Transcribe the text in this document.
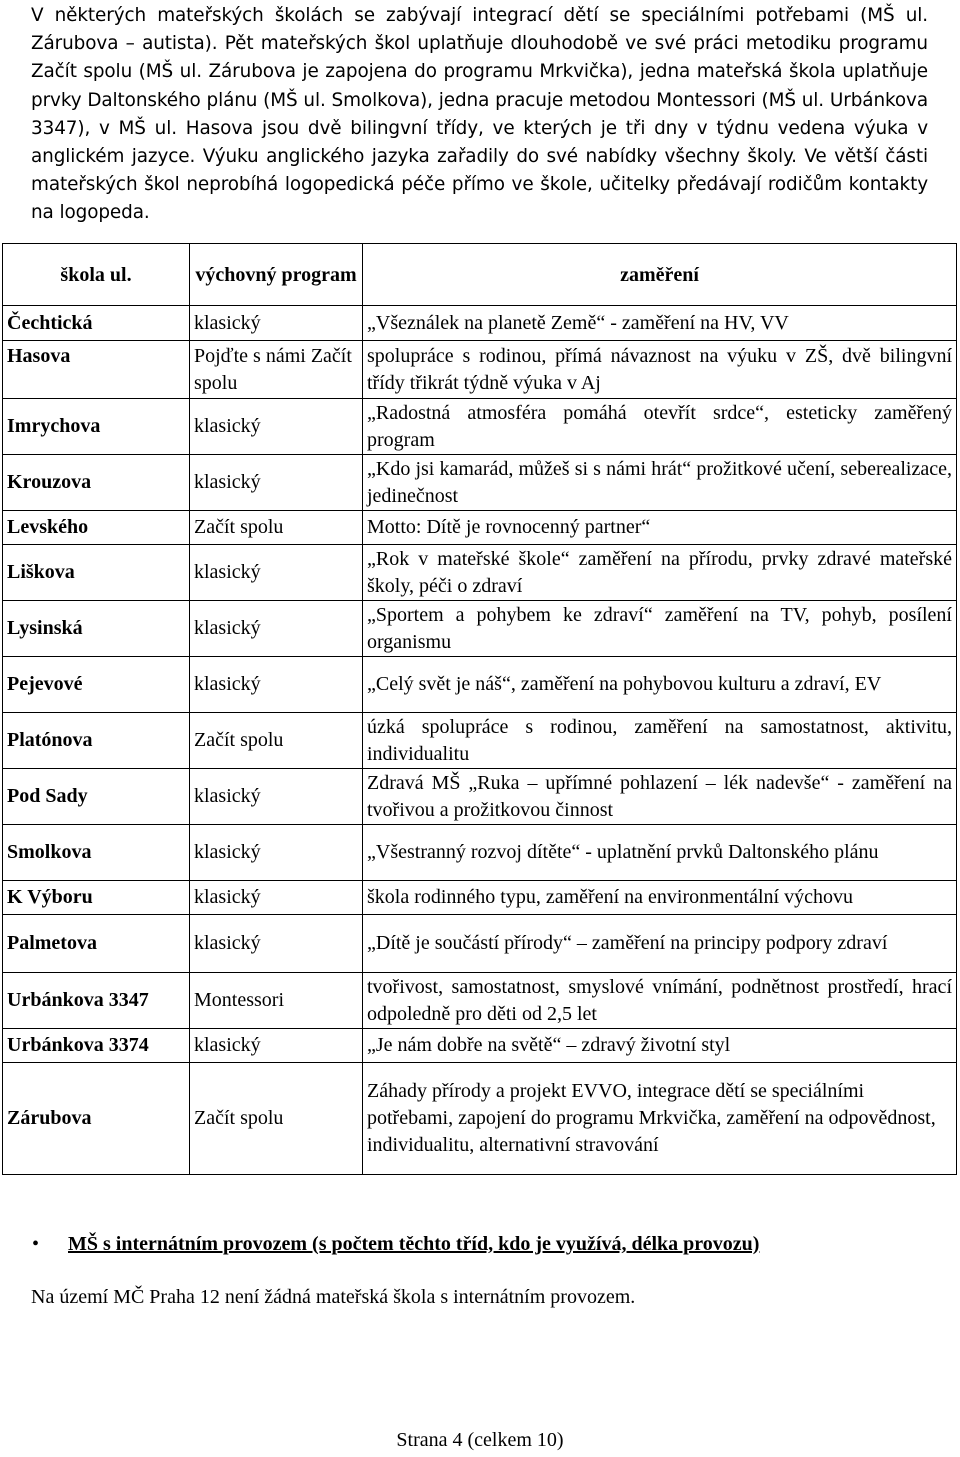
V některých mateřských školách se zabývají integrací dětí se speciálními potřebami (MŠ ul. Zárubova – autista). Pět mateřských škol uplatňuje dlouhodobě ve své práci metodiku programu Začít spolu (MŠ ul. Zárubova je zapojena do programu Mrkvička), jedna mateřská škola uplatňuje prvky Daltonského plánu (MŠ ul. Smolkova), jedna pracuje metodou Montessori (MŠ ul. Urbánkova 3347), v MŠ ul. Hasova jsou dvě bilingvní třídy, ve kterých je tři dny v týdnu vedena výuka v anglickém jazyce. Výuku anglického jazyka zařadily do své nabídky všechny školy. Ve větší části mateřských škol neprobíhá logopedická péče přímo ve škole, učitelky předávají rodičům kontakty na logopeda.

škola ul.	výchovný program	zaměření
Čechtická	klasický	„Všeználek na planetě Země“ - zaměření na HV, VV
Hasova	Pojďte s námi Začít spolu	spolupráce s rodinou, přímá návaznost na výuku v ZŠ, dvě bilingvní třídy třikrát týdně výuka v Aj
Imrychova	klasický	„Radostná atmosféra pomáhá otevřít srdce“, esteticky zaměřený program
Krouzova	klasický	„Kdo jsi kamarád, můžeš si s námi hrát“ prožitkové učení, seberealizace, jedinečnost
Levského	Začít spolu	Motto: Dítě je rovnocenný partner“
Liškova	klasický	„Rok v mateřské škole“ zaměření na přírodu, prvky zdravé mateřské školy, péči o zdraví
Lysinská	klasický	„Sportem a pohybem ke zdraví“ zaměření na TV, pohyb, posílení organismu
Pejevové	klasický	„Celý svět je náš“, zaměření na pohybovou kulturu a zdraví, EV
Platónova	Začít spolu	úzká spolupráce s rodinou, zaměření na samostatnost, aktivitu, individualitu
Pod Sady	klasický	Zdravá MŠ „Ruka – upřímné pohlazení – lék nadevše“ - zaměření na tvořivou a prožitkovou činnost
Smolkova	klasický	„Všestranný rozvoj dítěte“ - uplatnění prvků Daltonského plánu
K Výboru	klasický	škola rodinného typu, zaměření na environmentální výchovu
Palmetova	klasický	„Dítě je součástí přírody“ – zaměření na principy podpory zdraví
Urbánkova 3347	Montessori	tvořivost, samostatnost, smyslové vnímání, podnětnost prostředí, hrací odpoledně pro děti od 2,5 let
Urbánkova 3374	klasický	„Je nám dobře na světě“ – zdravý životní styl
Zárubova	Začít spolu	Záhady přírody a projekt EVVO, integrace dětí se speciálními potřebami, zapojení do programu Mrkvička, zaměření na odpovědnost, individualitu, alternativní stravování
• MŠ s internátním provozem (s počtem těchto tříd, kdo je využívá, délka provozu)
Na území MČ Praha 12 není žádná mateřská škola s internátním provozem.
Strana 4 (celkem 10)
